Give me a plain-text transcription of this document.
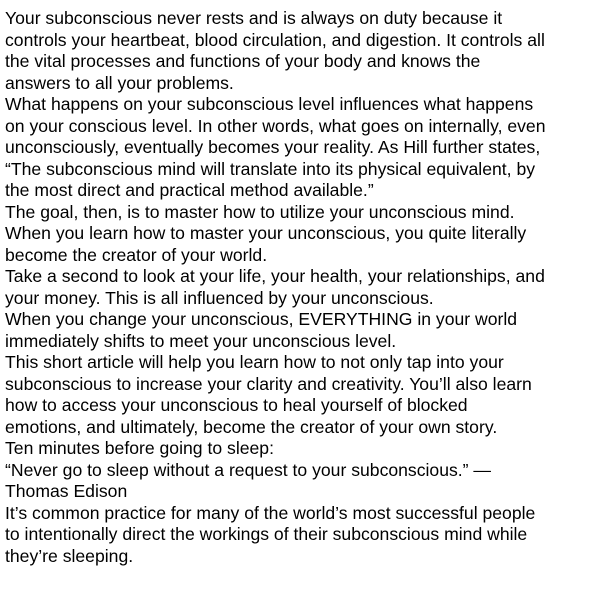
Your subconscious never rests and is always on duty because it
controls your heartbeat, blood circulation, and digestion. It controls all
the vital processes and functions of your body and knows the
answers to all your problems.

What happens on your subconscious level influences what happens
on your conscious level. In other words, what goes on internally, even
unconsciously, eventually becomes your reality. As Hill further states,
“The subconscious mind will translate into its physical equivalent, by
the most direct and practical method available.”

The goal, then, is to master how to utilize your unconscious mind.
When you learn how to master your unconscious, you quite literally
become the creator of your world.

Take a second to look at your life, your health, your relationships, and
your money. This is all influenced by your unconscious.

When you change your unconscious, EVERYTHING in your world
immediately shifts to meet your unconscious level.

This short article will help you learn how to not only tap into your
subconscious to increase your clarity and creativity. You’ll also learn
how to access your unconscious to heal yourself of blocked
emotions, and ultimately, become the creator of your own story.

Ten minutes before going to sleep:

“Never go to sleep without a request to your subconscious.” —
Thomas Edison

It’s common practice for many of the world’s most successful people
to intentionally direct the workings of their subconscious mind while
they’re sleeping.
